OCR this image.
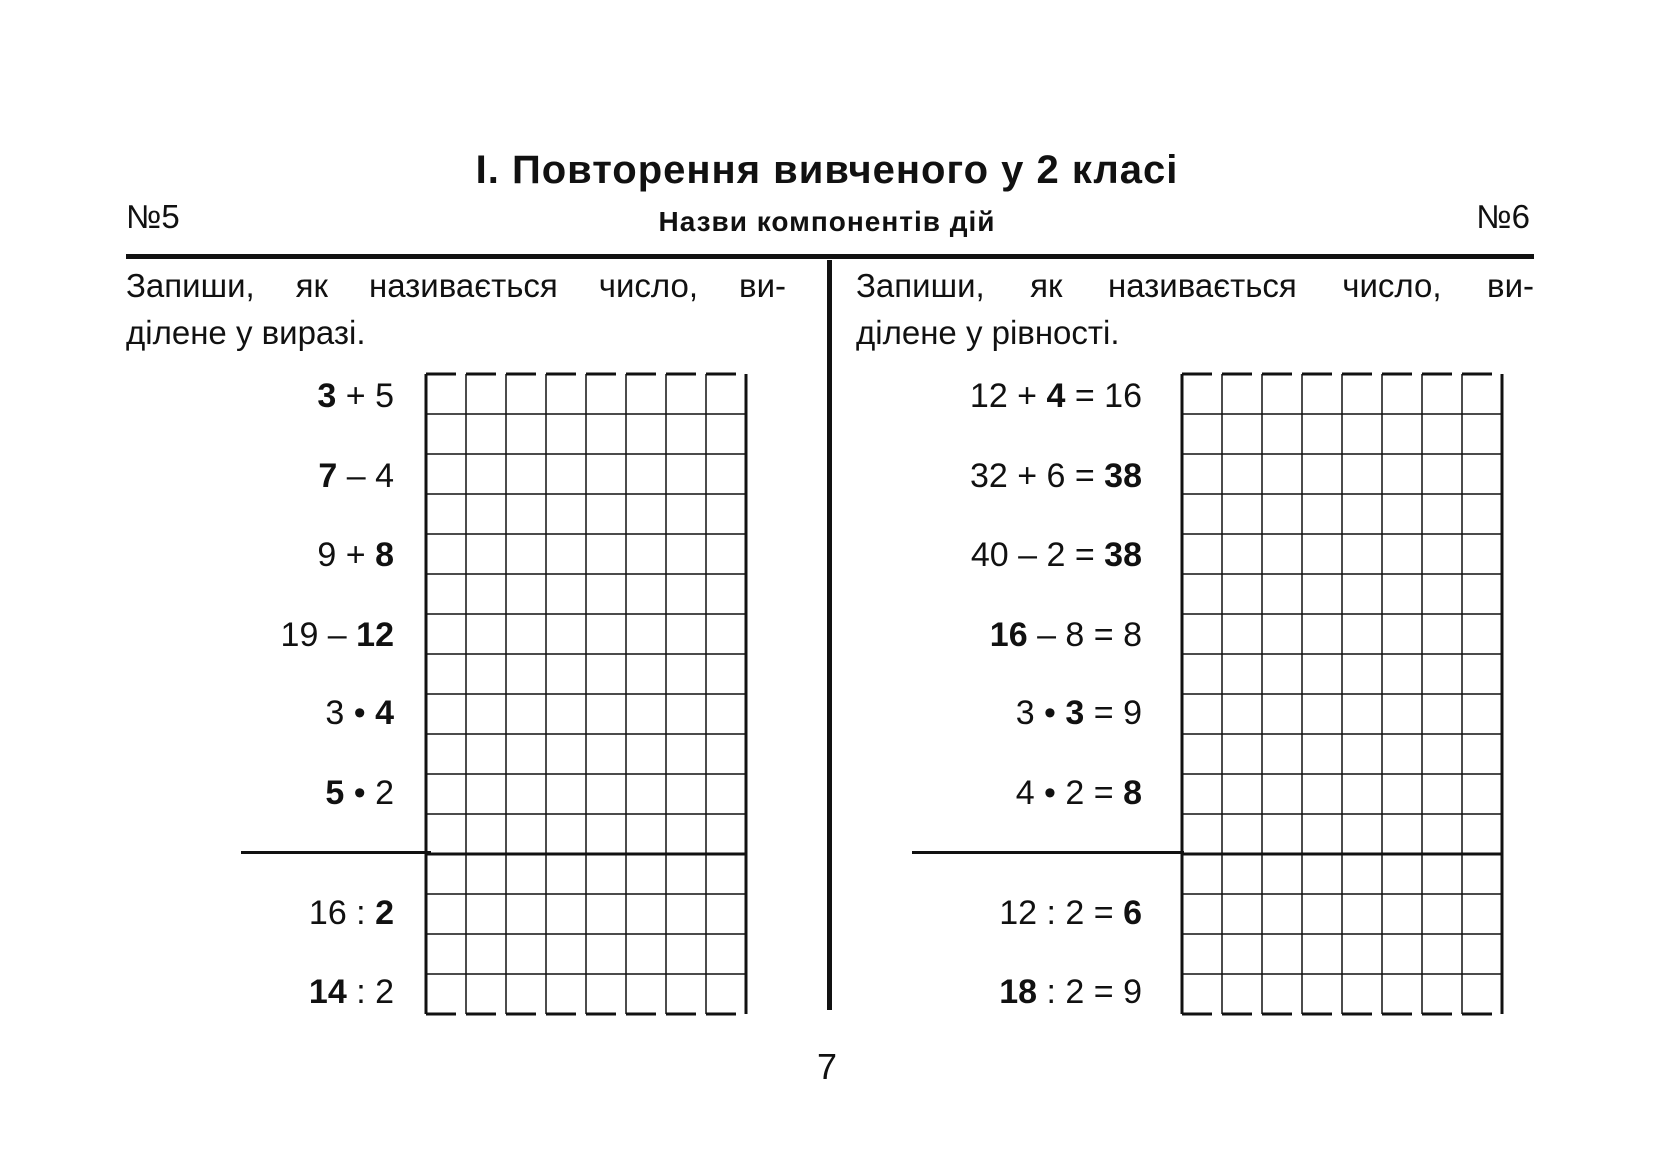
І. Повторення вивченого у 2 класі
№5	Назви компонентів дій	№6
Запиши, як називається число, ви-
ділене у виразі.
Запиши, як називається число, ви-
ділене у рівності.
3 + 5
7 – 4
9 + 8
19 – 12
3 • 4
5 • 2
16 : 2
14 : 2
12 + 4 = 16
32 + 6 = 38
40 – 2 = 38
16 – 8 = 8
3 • 3 = 9
4 • 2 = 8
12 : 2 = 6
18 : 2 = 9
7
